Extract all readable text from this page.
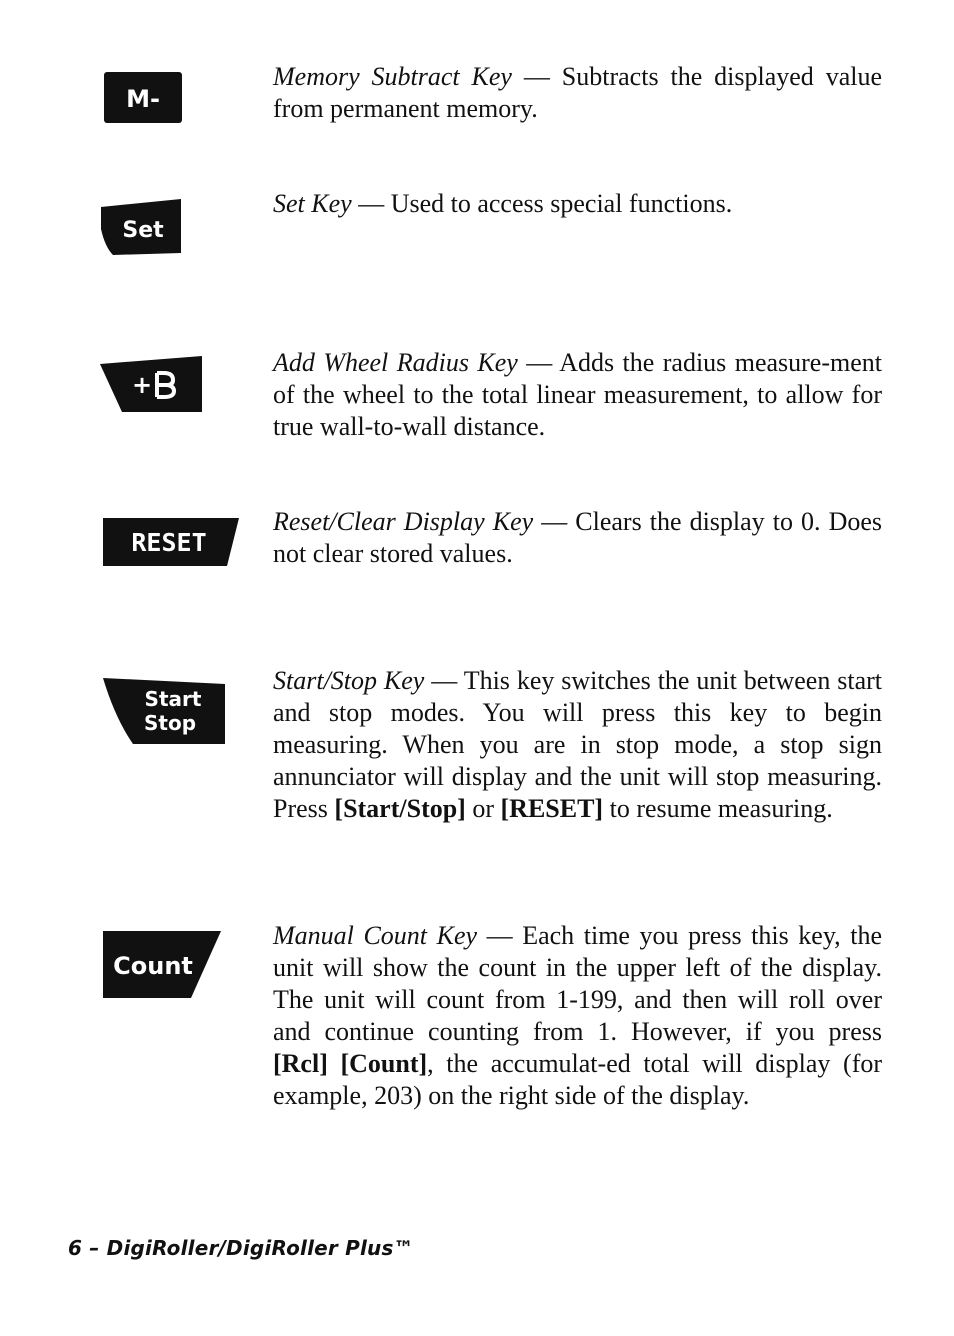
M-

Memory Subtract Key — Subtracts the displayed value from permanent memory.

Set

Set Key — Used to access special functions.

+

Add Wheel Radius Key — Adds the radius measure-ment of the wheel to the total linear measurement, to allow for true wall-to-wall distance.

RESET

Reset/Clear Display Key — Clears the display to 0. Does not clear stored values.

Start
Stop

Start/Stop Key — This key switches the unit between start and stop modes. You will press this key to begin measuring. When you are in stop mode, a stop sign annunciator will display and the unit will stop measuring. Press [Start/Stop] or [RESET] to resume measuring.

Count

Manual Count Key — Each time you press this key, the unit will show the count in the upper left of the display. The unit will count from 1-199, and then will roll over and continue counting from 1. However, if you press [Rcl] [Count], the accumulat-ed total will display (for example, 203) on the right side of the display.

6 – DigiRoller/DigiRoller Plus™
